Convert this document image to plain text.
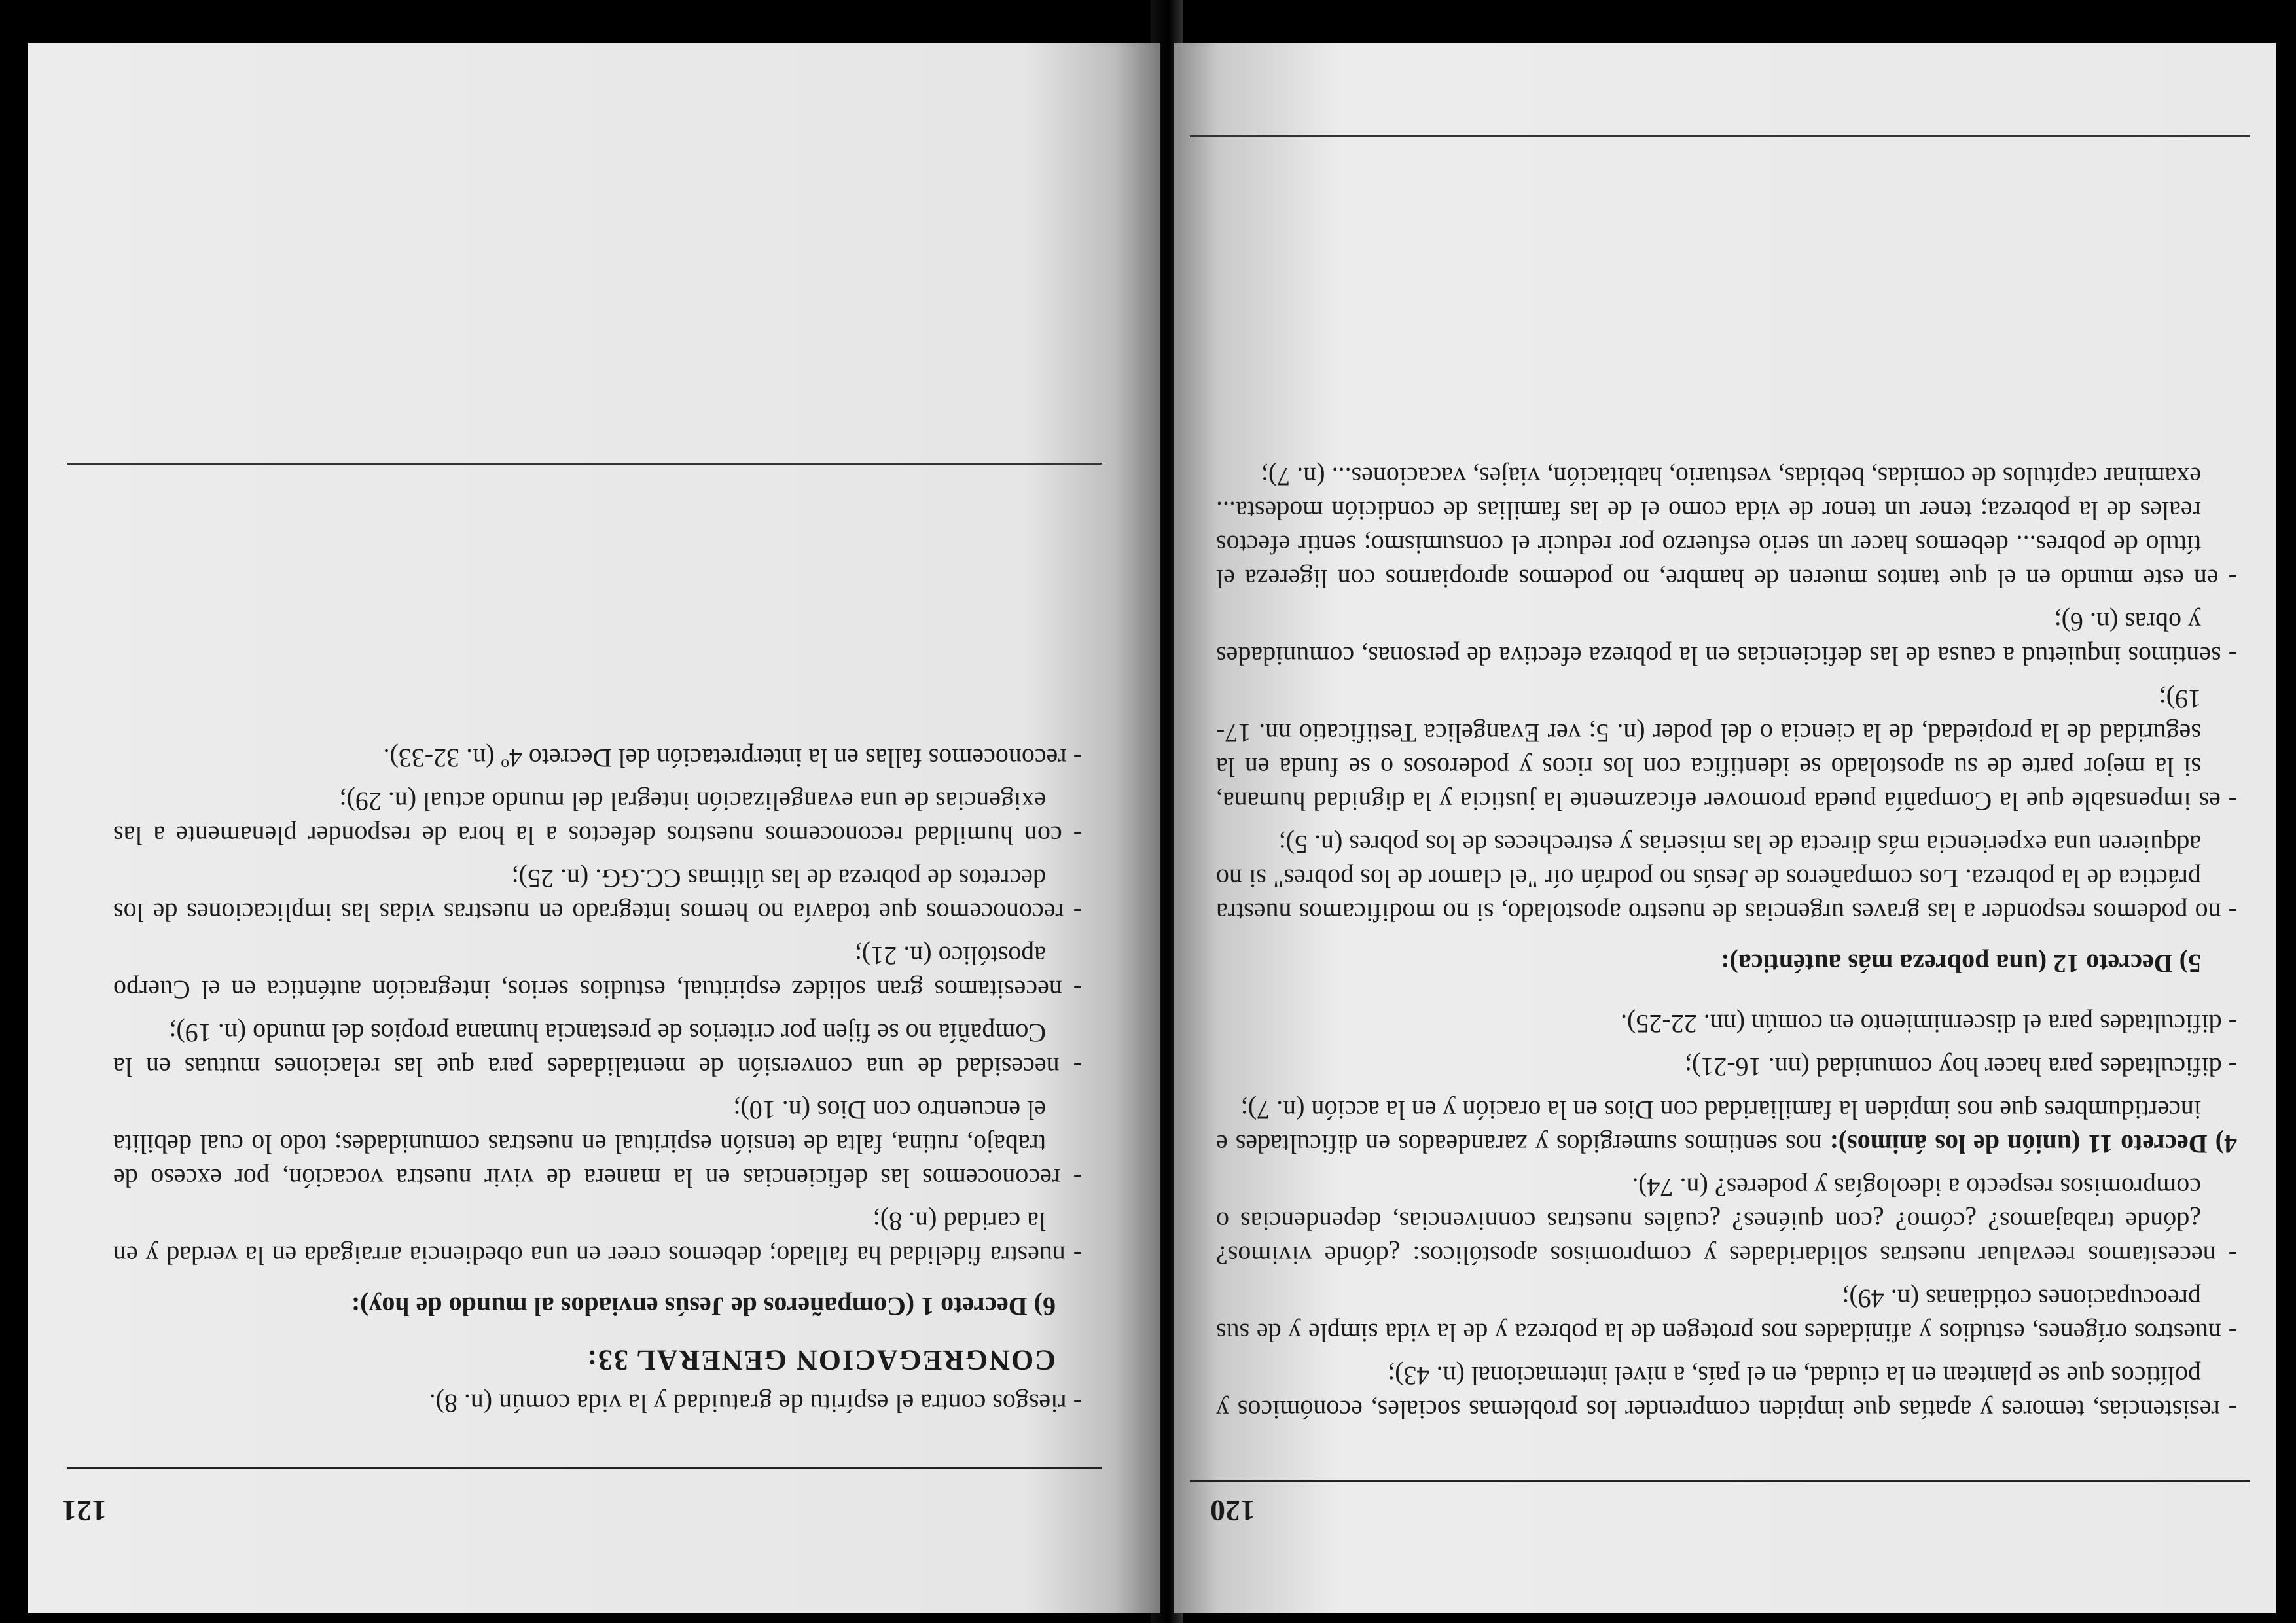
120

- resistencias, temores y apatías que impiden comprender los problemas sociales, económicos y políticos que se plantean en la ciudad, en el país, a nivel internacional (n. 43);

- nuestros orígenes, estudios y afinidades nos protegen de la pobreza y de la vida simple y de sus preocupaciones cotidianas (n. 49);

- necesitamos reevaluar nuestras solidaridades y compromisos apostólicos: ¿dónde vivimos? ¿dónde trabajamos? ¿cómo? ¿con quiénes? ¿cuáles nuestras connivencias, dependencias o compromisos respecto a ideologías y poderes? (n. 74).

4) Decreto 11 (unión de los ánimos): nos sentimos sumergidos y zarandeados en dificultades e incertidumbres que nos impiden la familiaridad con Dios en la oración y en la acción (n. 7);

- dificultades para hacer hoy comunidad (nn. 16-21);

- dificultades para el discernimiento en común (nn. 22-25).

5) Decreto 12 (una pobreza más auténtica):

- no podemos responder a las graves urgencias de nuestro apostolado, si no modificamos nuestra práctica de la pobreza. Los compañeros de Jesús no podrán oír "el clamor de los pobres" si no adquieren una experiencia más directa de las miserias y estrecheces de los pobres (n. 5);

- es impensable que la Compañía pueda promover eficazmente la justicia y la dignidad humana, si la mejor parte de su apostolado se identifica con los ricos y poderosos o se funda en la seguridad de la propiedad, de la ciencia o del poder (n. 5; ver Evangelica Testificatio nn. 17-19);

- sentimos inquietud a causa de las deficiencias en la pobreza efectiva de personas, comunidades y obras (n. 6);

- en este mundo en el que tantos mueren de hambre, no podemos apropiarnos con ligereza el título de pobres... debemos hacer un serio esfuerzo por reducir el consumismo; sentir efectos reales de la pobreza; tener un tenor de vida como el de las familias de condición modesta... examinar capítulos de comidas, bebidas, vestuario, habitación, viajes, vacaciones... (n. 7);

121

- riesgos contra el espíritu de gratuidad y la vida común (n. 8).

CONGREGACION GENERAL 33:

6) Decreto 1 (Compañeros de Jesús enviados al mundo de hoy):

- nuestra fidelidad ha fallado; debemos creer en una obediencia arraigada en la verdad y en la caridad (n. 8);

- reconocemos las deficiencias en la manera de vivir nuestra vocación, por exceso de trabajo, rutina, falta de tensión espiritual en nuestras comunidades; todo lo cual debilita el encuentro con Dios (n. 10);

- necesidad de una conversión de mentalidades para que las relaciones mutuas en la Compañía no se fijen por criterios de prestancia humana propios del mundo (n. 19);

- necesitamos gran solidez espiritual, estudios serios, integración auténtica en el Cuerpo apostólico (n. 21);

- reconocemos que todavía no hemos integrado en nuestras vidas las implicaciones de los decretos de pobreza de las últimas CC.GG. (n. 25);

- con humildad reconocemos nuestros defectos a la hora de responder plenamente a las exigencias de una evangelización integral del mundo actual (n. 29);

- reconocemos fallas en la interpretación del Decreto 4º (n. 32-33).
